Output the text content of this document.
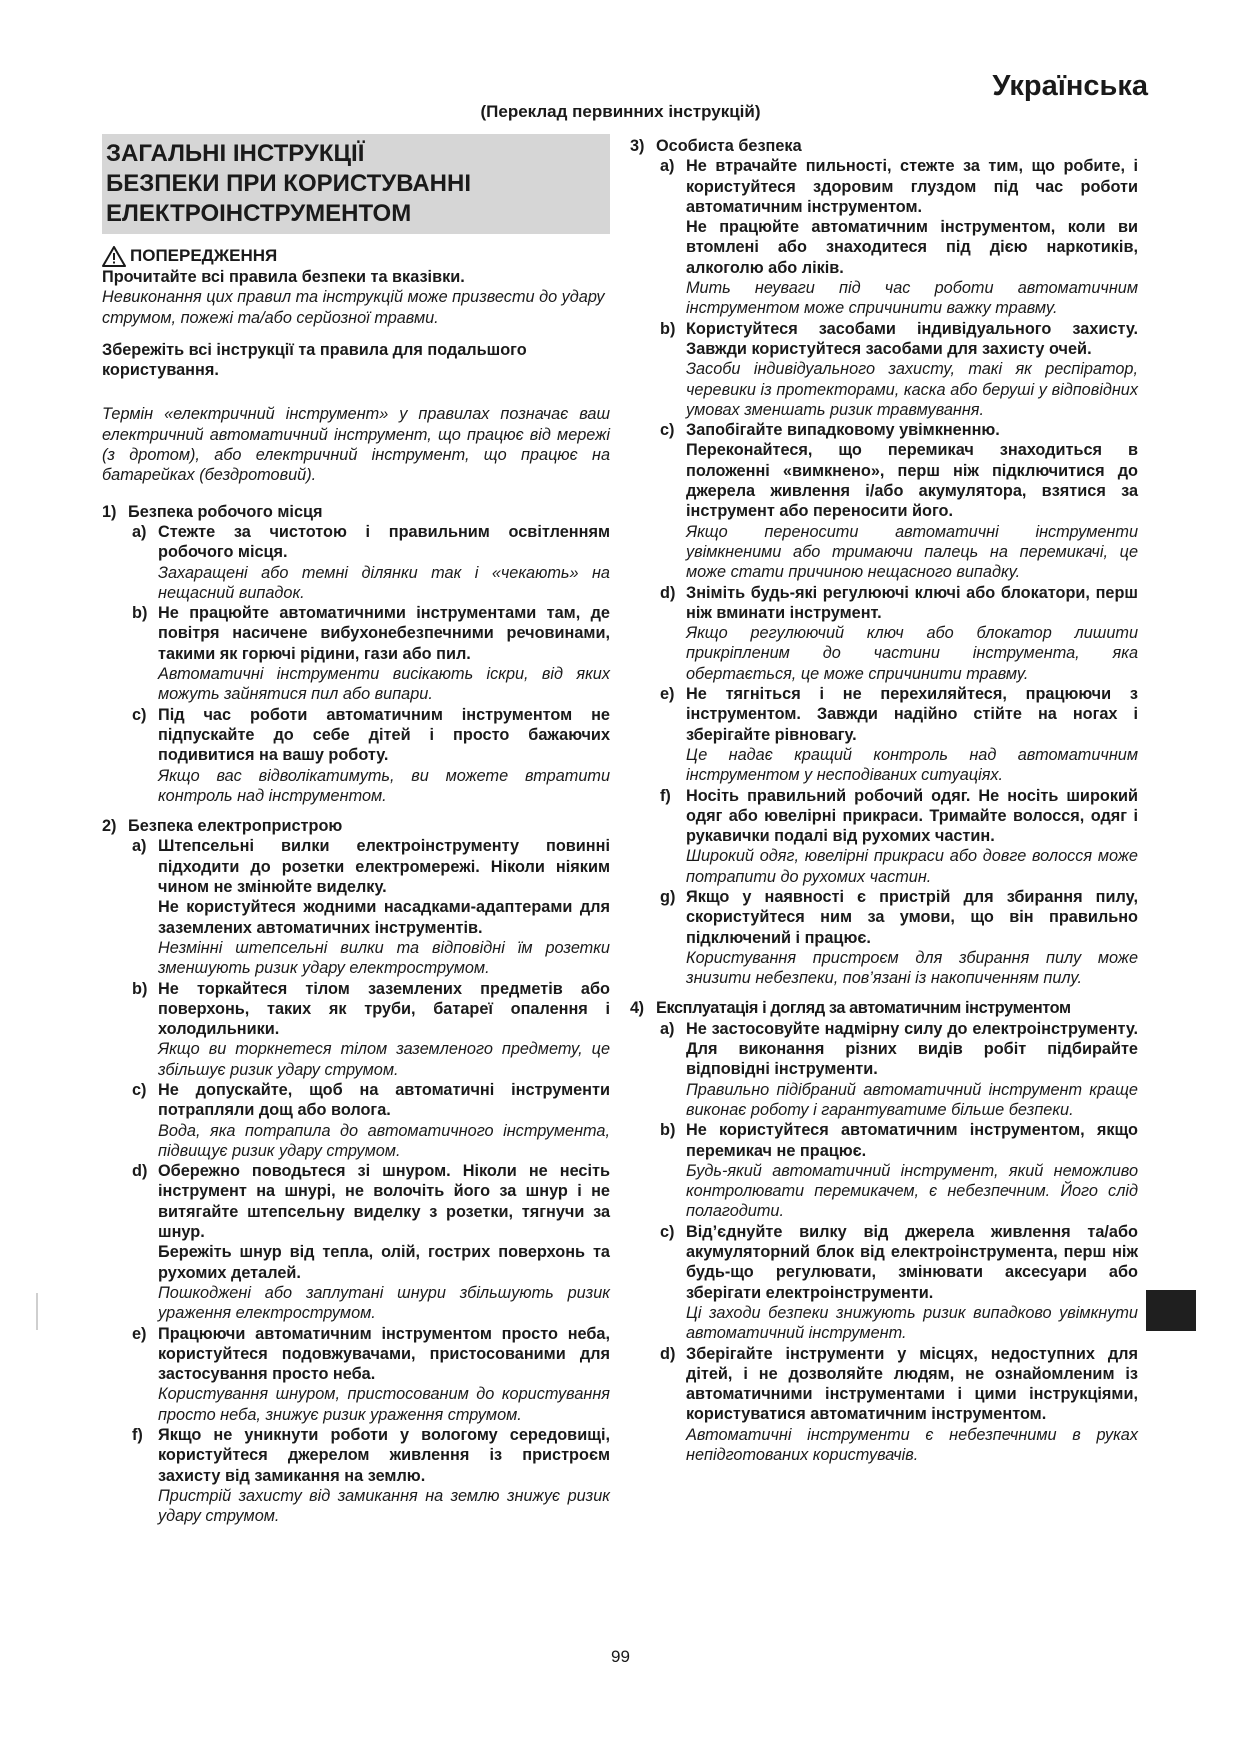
Українська
(Переклад первинних інструкцій)
ЗАГАЛЬНІ ІНСТРУКЦІЇ
БЕЗПЕКИ ПРИ КОРИСТУВАННІ
ЕЛЕКТРОІНСТРУМЕНТОМ
ПОПЕРЕДЖЕННЯ

Прочитайте всі правила безпеки та вказівки.

Невиконання цих правил та інструкцій може призвести до удару струмом, пожежі та/або серйозної травми.

Збережіть всі інструкції та правила для подальшого користування.

Термін «електричний інструмент» у правилах позначає ваш електричний автоматичний інструмент, що працює від мережі (з дротом), або електричний інструмент, що працює на батарейках (бездротовий).

1) Безпека робочого місця

a) Стежте за чистотою і правильним освітленням робочого місця.

Захаращені або темні ділянки так і «чекають» на нещасний випадок.

b) Не працюйте автоматичними інструментами там, де повітря насичене вибухонебезпечними речовинами, такими як горючі рідини, гази або пил.

Автоматичні інструменти висікають іскри, від яких можуть зайнятися пил або випари.

c) Під час роботи автоматичним інструментом не підпускайте до себе дітей і просто бажаючих подивитися на вашу роботу.

Якщо вас відволікатимуть, ви можете втратити контроль над інструментом.

2) Безпека електропристрою

a) Штепсельні вилки електроінструменту повинні підходити до розетки електромережі. Ніколи ніяким чином не змінюйте виделку.

Не користуйтеся жодними насадками-адаптерами для заземлених автоматичних інструментів.

Незмінні штепсельні вилки та відповідні їм розетки зменшують ризик удару електрострумом.

b) Не торкайтеся тілом заземлених предметів або поверхонь, таких як труби, батареї опалення і холодильники.

Якщо ви торкнетеся тілом заземленого предмету, це збільшує ризик удару струмом.

c) Не допускайте, щоб на автоматичні інструменти потрапляли дощ або волога.

Вода, яка потрапила до автоматичного інструмента, підвищує ризик удару струмом.

d) Обережно поводьтеся зі шнуром. Ніколи не несіть інструмент на шнурі, не волочіть його за шнур і не витягайте штепсельну виделку з розетки, тягнучи за шнур.

Бережіть шнур від тепла, олій, гострих поверхонь та рухомих деталей.

Пошкоджені або заплутані шнури збільшують ризик ураження електрострумом.

e) Працюючи автоматичним інструментом просто неба, користуйтеся подовжувачами, пристосованими для застосування просто неба.

Користування шнуром, пристосованим до користування просто неба, знижує ризик ураження струмом.

f) Якщо не уникнути роботи у вологому середовищі, користуйтеся джерелом живлення із пристроєм захисту від замикання на землю.

Пристрій захисту від замикання на землю знижує ризик удару струмом.

3) Особиста безпека

a) Не втрачайте пильності, стежте за тим, що робите, і користуйтеся здоровим глуздом під час роботи автоматичним інструментом.

Не працюйте автоматичним інструментом, коли ви втомлені або знаходитеся під дією наркотиків, алкоголю або ліків.

Мить неуваги під час роботи автоматичним інструментом може спричинити важку травму.

b) Користуйтеся засобами індивідуального захисту. Завжди користуйтеся засобами для захисту очей.

Засоби індивідуального захисту, такі як респіратор, черевики із протекторами, каска або беруші у відповідних умовах зменшать ризик травмування.

c) Запобігайте випадковому увімкненню.

Переконайтеся, що перемикач знаходиться в положенні «вимкнено», перш ніж підключитися до джерела живлення і/або акумулятора, взятися за інструмент або переносити його.

Якщо переносити автоматичні інструменти увімкненими або тримаючи палець на перемикачі, це може стати причиною нещасного випадку.

d) Зніміть будь-які регулюючі ключі або блокатори, перш ніж вминати інструмент.

Якщо регулюючий ключ або блокатор лишити прикріпленим до частини інструмента, яка обертається, це може спричинити травму.

e) Не тягніться і не перехиляйтеся, працюючи з інструментом. Завжди надійно стійте на ногах і зберігайте рівновагу.

Це надає кращий контроль над автоматичним інструментом у несподіваних ситуаціях.

f) Носіть правильний робочий одяг. Не носіть широкий одяг або ювелірні прикраси. Тримайте волосся, одяг і рукавички подалі від рухомих частин.

Широкий одяг, ювелірні прикраси або довге волосся може потрапити до рухомих частин.

g) Якщо у наявності є пристрій для збирання пилу, скористуйтеся ним за умови, що він правильно підключений і працює.

Користування пристроєм для збирання пилу може знизити небезпеки, пов’язані із накопиченням пилу.

4) Експлуатація і догляд за автоматичним інструментом

a) Не застосовуйте надмірну силу до електроінструменту. Для виконання різних видів робіт підбирайте відповідні інструменти.

Правильно підібраний автоматичний інструмент краще виконає роботу і гарантуватиме більше безпеки.

b) Не користуйтеся автоматичним інструментом, якщо перемикач не працює.

Будь-який автоматичний інструмент, який неможливо контролювати перемикачем, є небезпечним. Його слід полагодити.

c) Від’єднуйте вилку від джерела живлення та/або акумуляторний блок від електроінструмента, перш ніж будь-що регулювати, змінювати аксесуари або зберігати електроінструменти.

Ці заходи безпеки знижують ризик випадково увімкнути автоматичний інструмент.

d) Зберігайте інструменти у місцях, недоступних для дітей, і не дозволяйте людям, не ознайомленим із автоматичними інструментами і цими інструкціями, користуватися автоматичним інструментом.

Автоматичні інструменти є небезпечними в руках непідготованих користувачів.

99
